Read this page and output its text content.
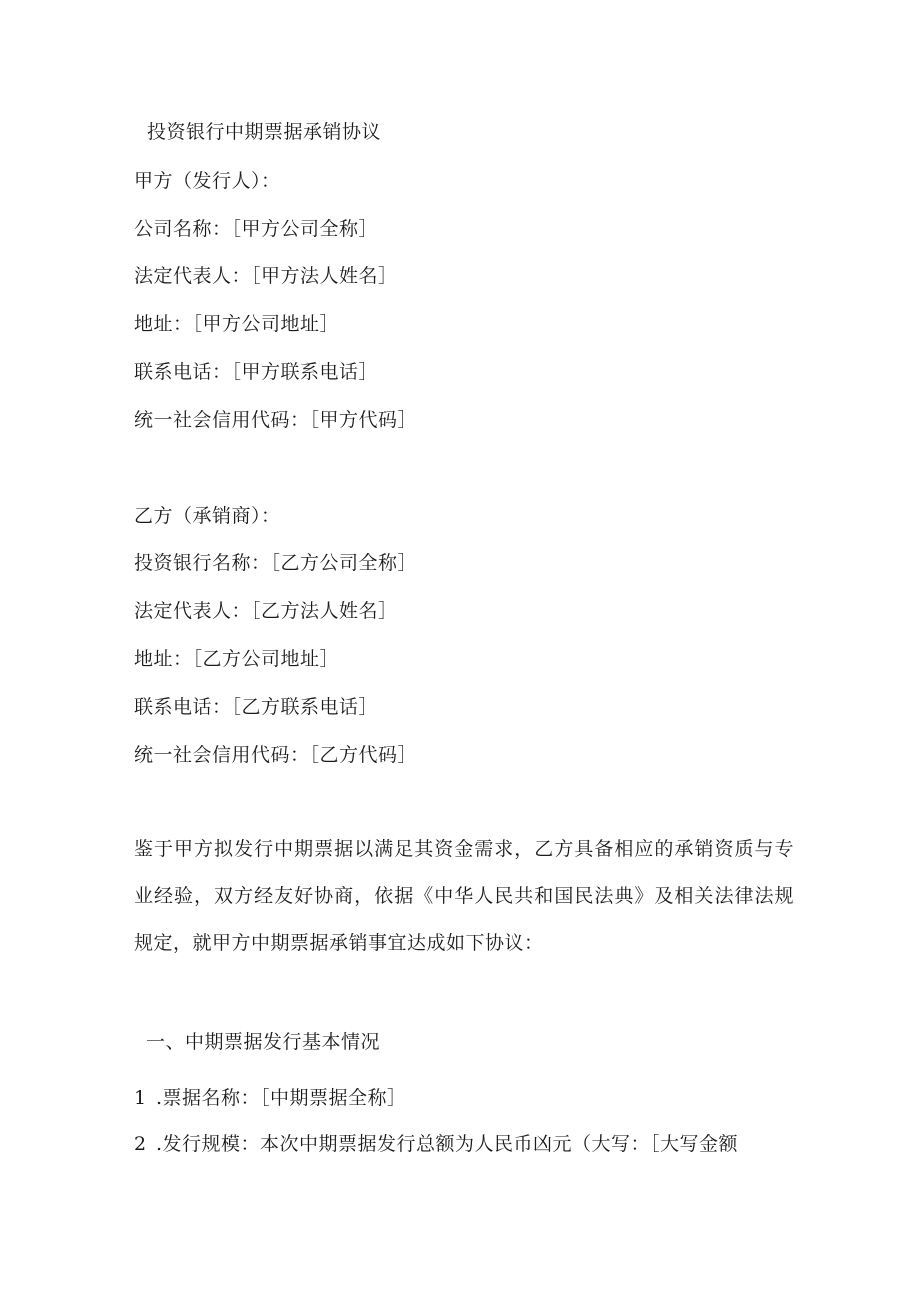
投资银行中期票据承销协议
甲方（发行人）：
公司名称：［甲方公司全称］
法定代表人：［甲方法人姓名］
地址：［甲方公司地址］
联系电话：［甲方联系电话］
统一社会信用代码：［甲方代码］
乙方（承销商）：
投资银行名称：［乙方公司全称］
法定代表人：［乙方法人姓名］
地址：［乙方公司地址］
联系电话：［乙方联系电话］
统一社会信用代码：［乙方代码］
鉴于甲方拟发行中期票据以满足其资金需求，乙方具备相应的承销资质与专业经验，双方经友好协商，依据《中华人民共和国民法典》及相关法律法规规定，就甲方中期票据承销事宜达成如下协议：
一、中期票据发行基本情况
1 .票据名称：［中期票据全称］
2 .发行规模：本次中期票据发行总额为人民币凶元（大写：［大写金额
